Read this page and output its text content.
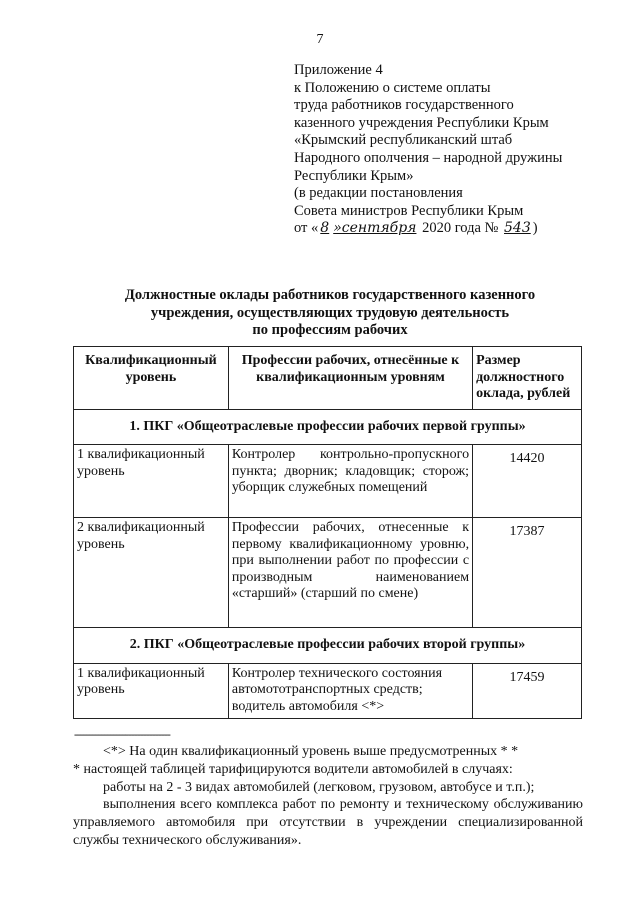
7
Приложение 4
к Положению о системе оплаты
труда работников государственного
казенного учреждения Республики Крым
«Крымский республиканский штаб
Народного ополчения – народной дружины
Республики Крым»
(в редакции постановления
Совета министров Республики Крым
от « 8 »сентября 2020 года № 543 )
Должностные оклады работников государственного казенного
учреждения, осуществляющих трудовую деятельность
по профессиям рабочих
Квалификационный уровень	Профессии рабочих, отнесённые к квалификационным уровням	Размер должностного оклада, рублей
1. ПКГ «Общеотраслевые профессии рабочих первой группы»		
1 квалификационный уровень	Контролер контрольно-пропускного пункта; дворник; кладовщик; сторож; уборщик служебных помещений	14420
2 квалификационный уровень	Профессии рабочих, отнесенные к первому квалификационному уровню, при выполнении работ по профессии с производным наименованием «старший» (старший по смене)	17387
2. ПКГ «Общеотраслевые профессии рабочих второй группы»		
1 квалификационный уровень	Контролер технического состояния автомототранспортных средств; водитель автомобиля <*>	17459
--------------------------------

<*> На один квалификационный уровень выше предусмотренных * *

* настоящей таблицей тарифицируются водители автомобилей в случаях:

работы на 2 - 3 видах автомобилей (легковом, грузовом, автобусе и т.п.);

выполнения всего комплекса работ по ремонту и техническому обслуживанию управляемого автомобиля при отсутствии в учреждении специализированной службы технического обслуживания».
